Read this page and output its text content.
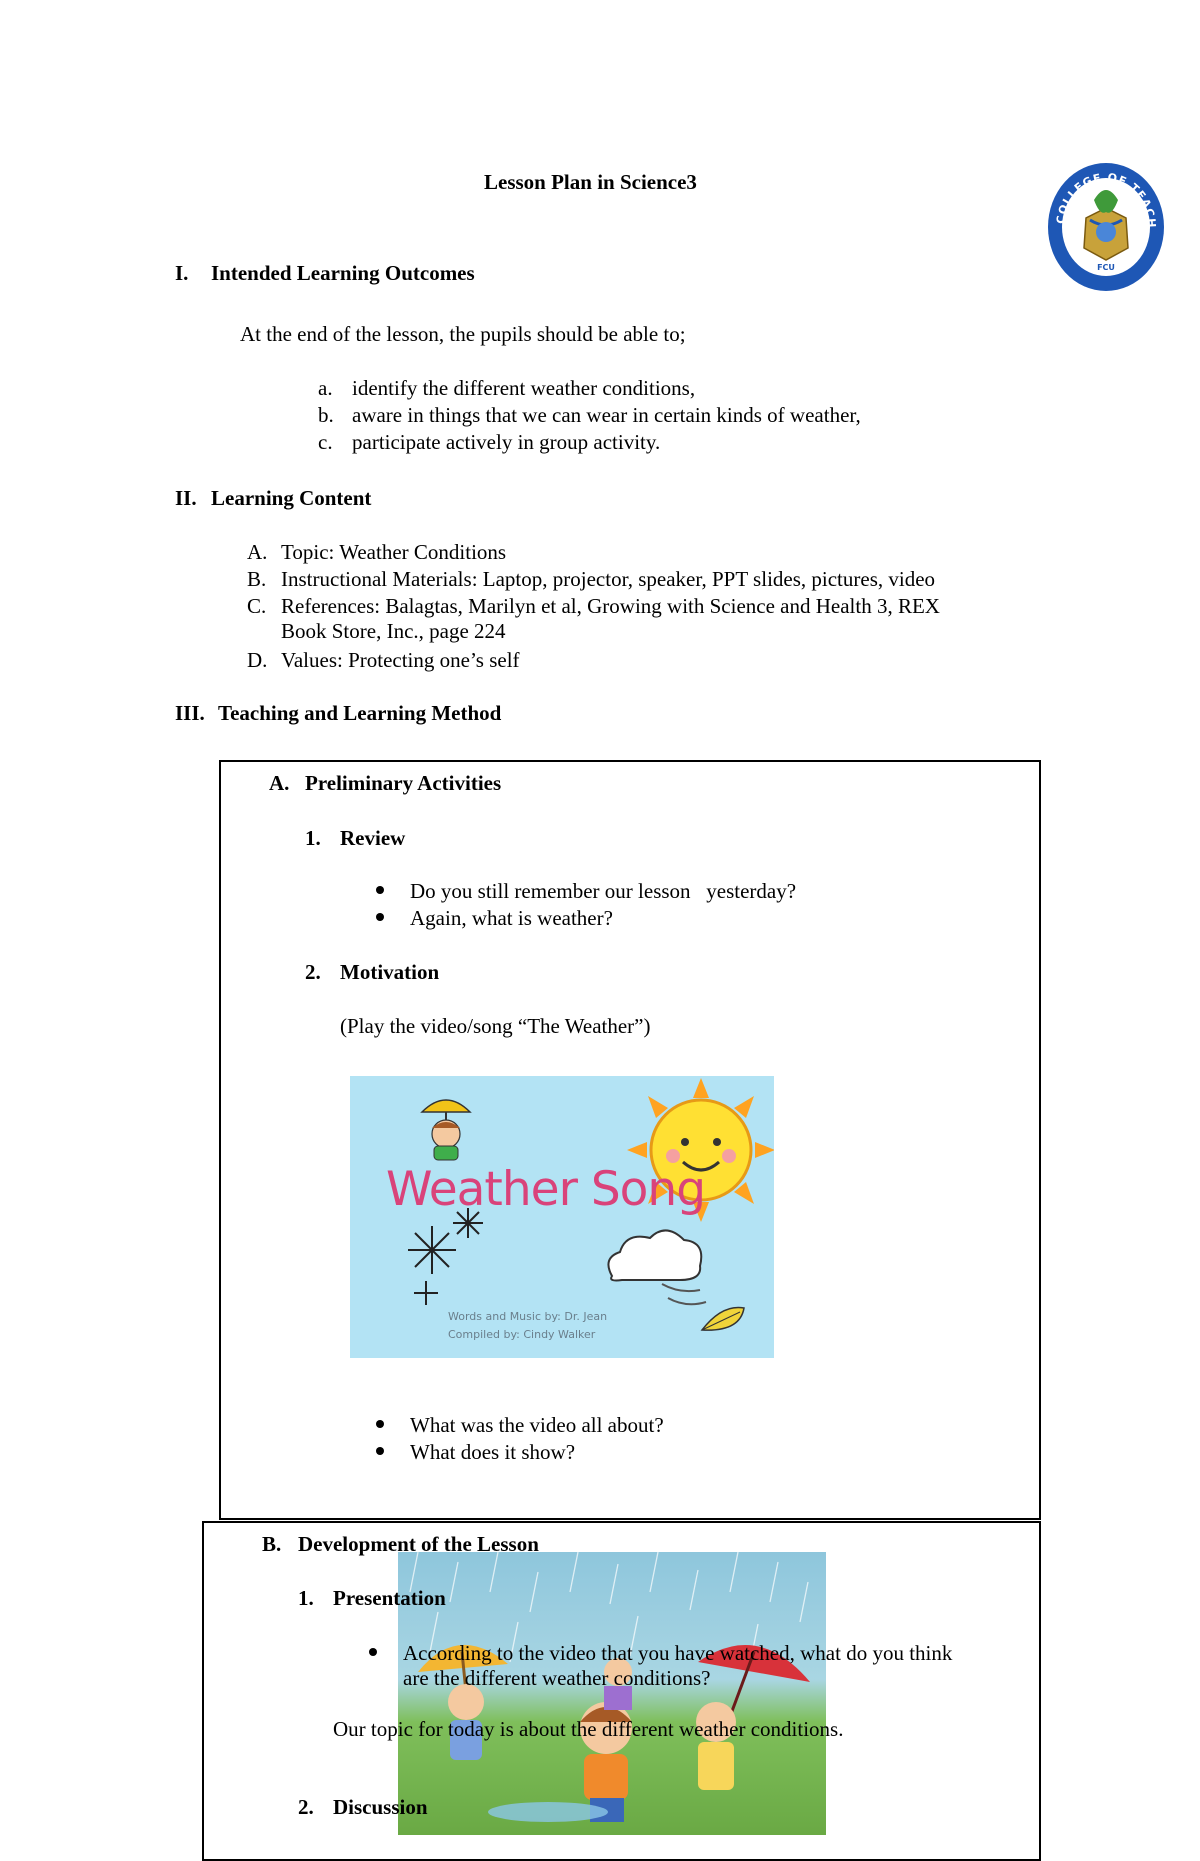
Lesson Plan in Science3
COLLEGE OF TEACH
FCU
I. Intended Learning Outcomes
At the end of the lesson, the pupils should be able to;
a. identify the different weather conditions,
b. aware in things that we can wear in certain kinds of weather,
c. participate actively in group activity.
II. Learning Content
A. Topic: Weather Conditions
B. Instructional Materials: Laptop, projector, speaker, PPT slides, pictures, video
C. References: Balagtas, Marilyn et al, Growing with Science and Health 3, REX
Book Store, Inc., page 224
D. Values: Protecting one’s self
III. Teaching and Learning Method
A. Preliminary Activities
1. Review
Do you still remember our lesson   yesterday?
Again, what is weather?
2. Motivation
(Play the video/song “The Weather”)
Weather Song
Words and Music by: Dr. Jean
Compiled by: Cindy Walker
What was the video all about?
What does it show?
B. Development of the Lesson
1. Presentation
According to the video that you have watched, what do you think
are the different weather conditions?
Our topic for today is about the different weather conditions.
2. Discussion
